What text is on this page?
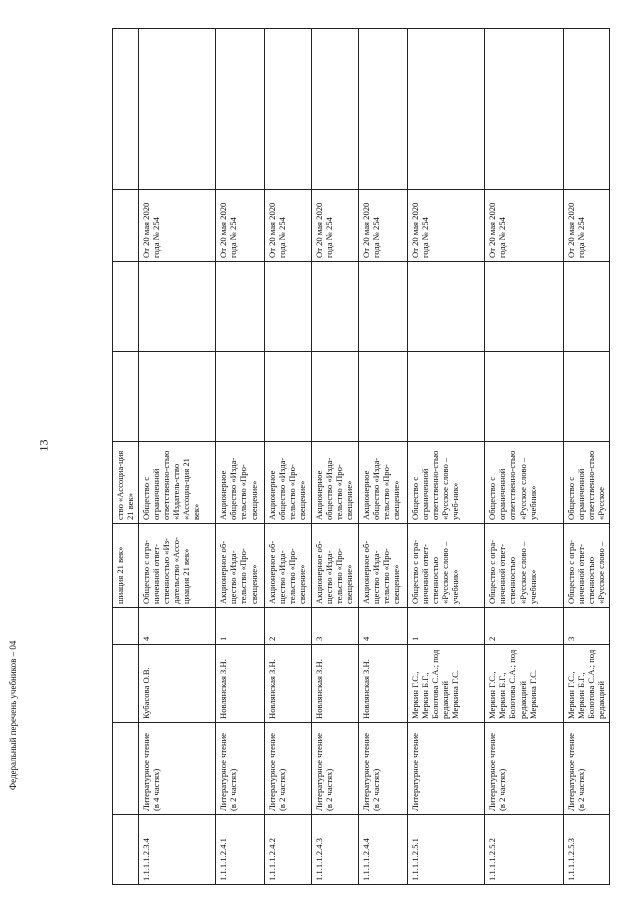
13
Федеральный перечень учебников – 04
				шиация 21 век»	ство «Ассоциа-ция 21 век»				
1.1.1.1.2.3.4	Литературное чтение (в 4 частях)	Кубасова О.В.	4	Общество с огра-ниченной ответ-ственностью «Из-дательство «Ассо-циация 21 век»	Общество с ограниченной ответственно-стью «Издатель-ство «Ассоциа-ция 21 век»			От 20 мая 2020 года № 254	
1.1.1.1.2.4.1	Литературное чтение (в 2 частях)	Новлянская З.Н.	1	Акционерное об-щество «Изда-тельство «Про-свещение»	Акционерное общество «Изда-тельство «Про-свещение»			От 20 мая 2020 года № 254	
1.1.1.1.2.4.2	Литературное чтение (в 2 частях)	Новлянская З.Н.	2	Акционерное об-щество «Изда-тельство «Про-свещение»	Акционерное общество «Изда-тельство «Про-свещение»			От 20 мая 2020 года № 254	
1.1.1.1.2.4.3	Литературное чтение (в 2 частях)	Новлянская З.Н.	3	Акционерное об-щество «Изда-тельство «Про-свещение»	Акционерное общество «Изда-тельство «Про-свещение»			От 20 мая 2020 года № 254	
1.1.1.1.2.4.4	Литературное чтение (в 2 частях)	Новлянская З.Н.	4	Акционерное об-щество «Изда-тельство «Про-свещение»	Акционерное общество «Изда-тельство «Про-свещение»			От 20 мая 2020 года № 254	
1.1.1.1.2.5.1	Литературное чтение	Меркин Г.С., Меркин Б.Г., Болотова С.А.; под редакцией Меркина Г.С.	1	Общество с огра-ниченной ответ-ственностью «Русское слово – учебник»	Общество с ограниченной ответственно-стью «Русское слово – учеб-ник»			От 20 мая 2020 года № 254	
1.1.1.1.2.5.2	Литературное чтение (в 2 частях)	Меркин Г.С., Меркин Б.Г., Болотова С.А.; под редакцией Меркина Г.С.	2	Общество с огра-ниченной ответ-ственностью «Русское слово – учебник»	Общество с ограниченной ответственно-стью «Русское слово – учебник»			От 20 мая 2020 года № 254	
1.1.1.1.2.5.3	Литературное чтение (в 2 частях)	Меркин Г.С., Меркин Б.Г., Болотова С.А.; под редакцией	3	Общество с огра-ниченной ответ-ственностью «Русское слово –	Общество с ограниченной ответственно-стью «Русское			От 20 мая 2020 года № 254	
